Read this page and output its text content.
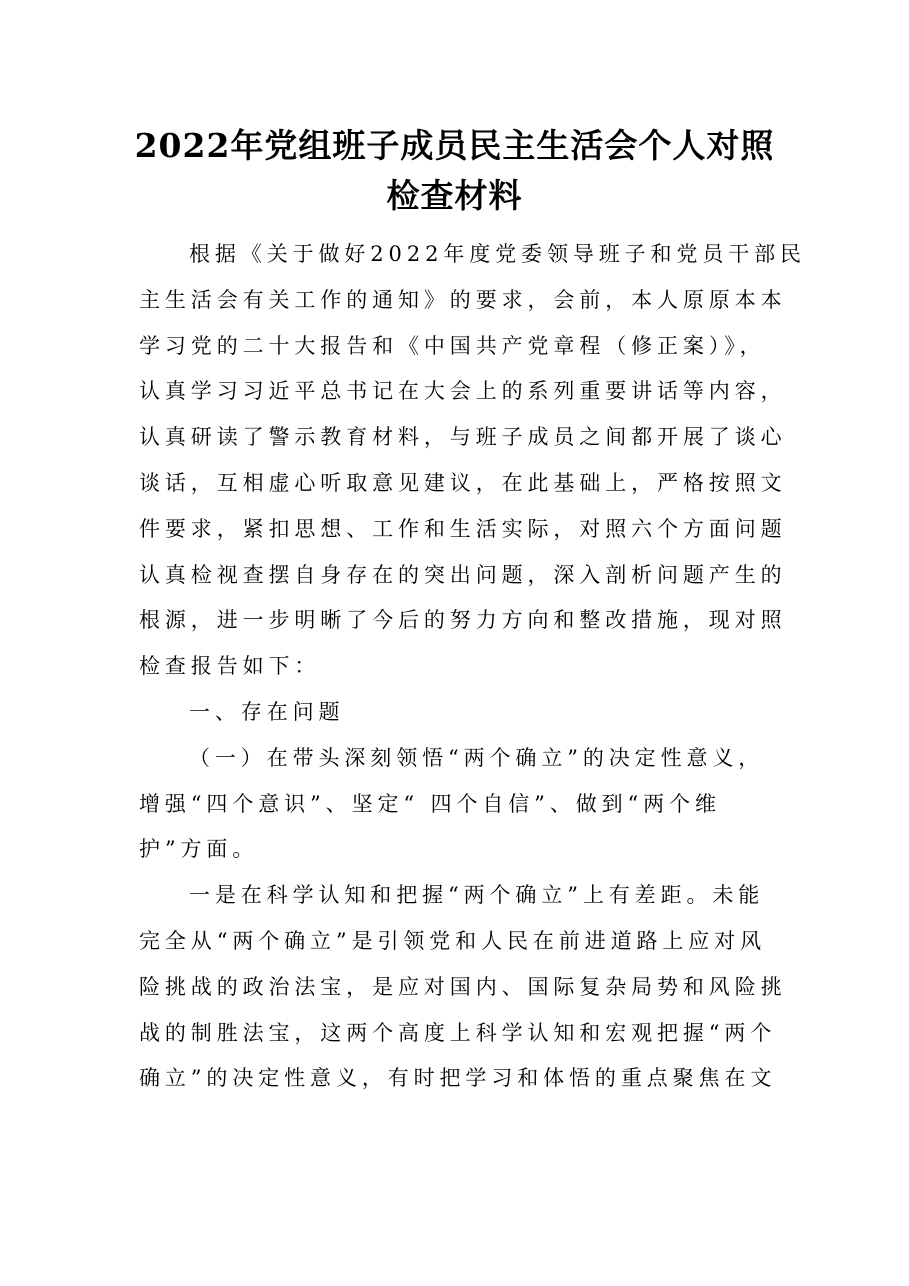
2022年党组班子成员民主生活会个人对照
检查材料
根据《关于做好2022年度党委领导班子和党员干部民
主生活会有关工作的通知》的要求，会前，本人原原本本
学习党的二十大报告和《中国共产党章程（修正案）》，
认真学习习近平总书记在大会上的系列重要讲话等内容，
认真研读了警示教育材料，与班子成员之间都开展了谈心
谈话，互相虚心听取意见建议，在此基础上，严格按照文
件要求，紧扣思想、工作和生活实际，对照六个方面问题
认真检视查摆自身存在的突出问题，深入剖析问题产生的
根源，进一步明晰了今后的努力方向和整改措施，现对照
检查报告如下：
一、存在问题
（一）在带头深刻领悟“两个确立”的决定性意义，
增强“四个意识”、坚定“ 四个自信”、做到“两个维
护”方面。
一是在科学认知和把握“两个确立”上有差距。未能
完全从“两个确立”是引领党和人民在前进道路上应对风
险挑战的政治法宝，是应对国内、国际复杂局势和风险挑
战的制胜法宝，这两个高度上科学认知和宏观把握“两个
确立”的决定性意义，有时把学习和体悟的重点聚焦在文
